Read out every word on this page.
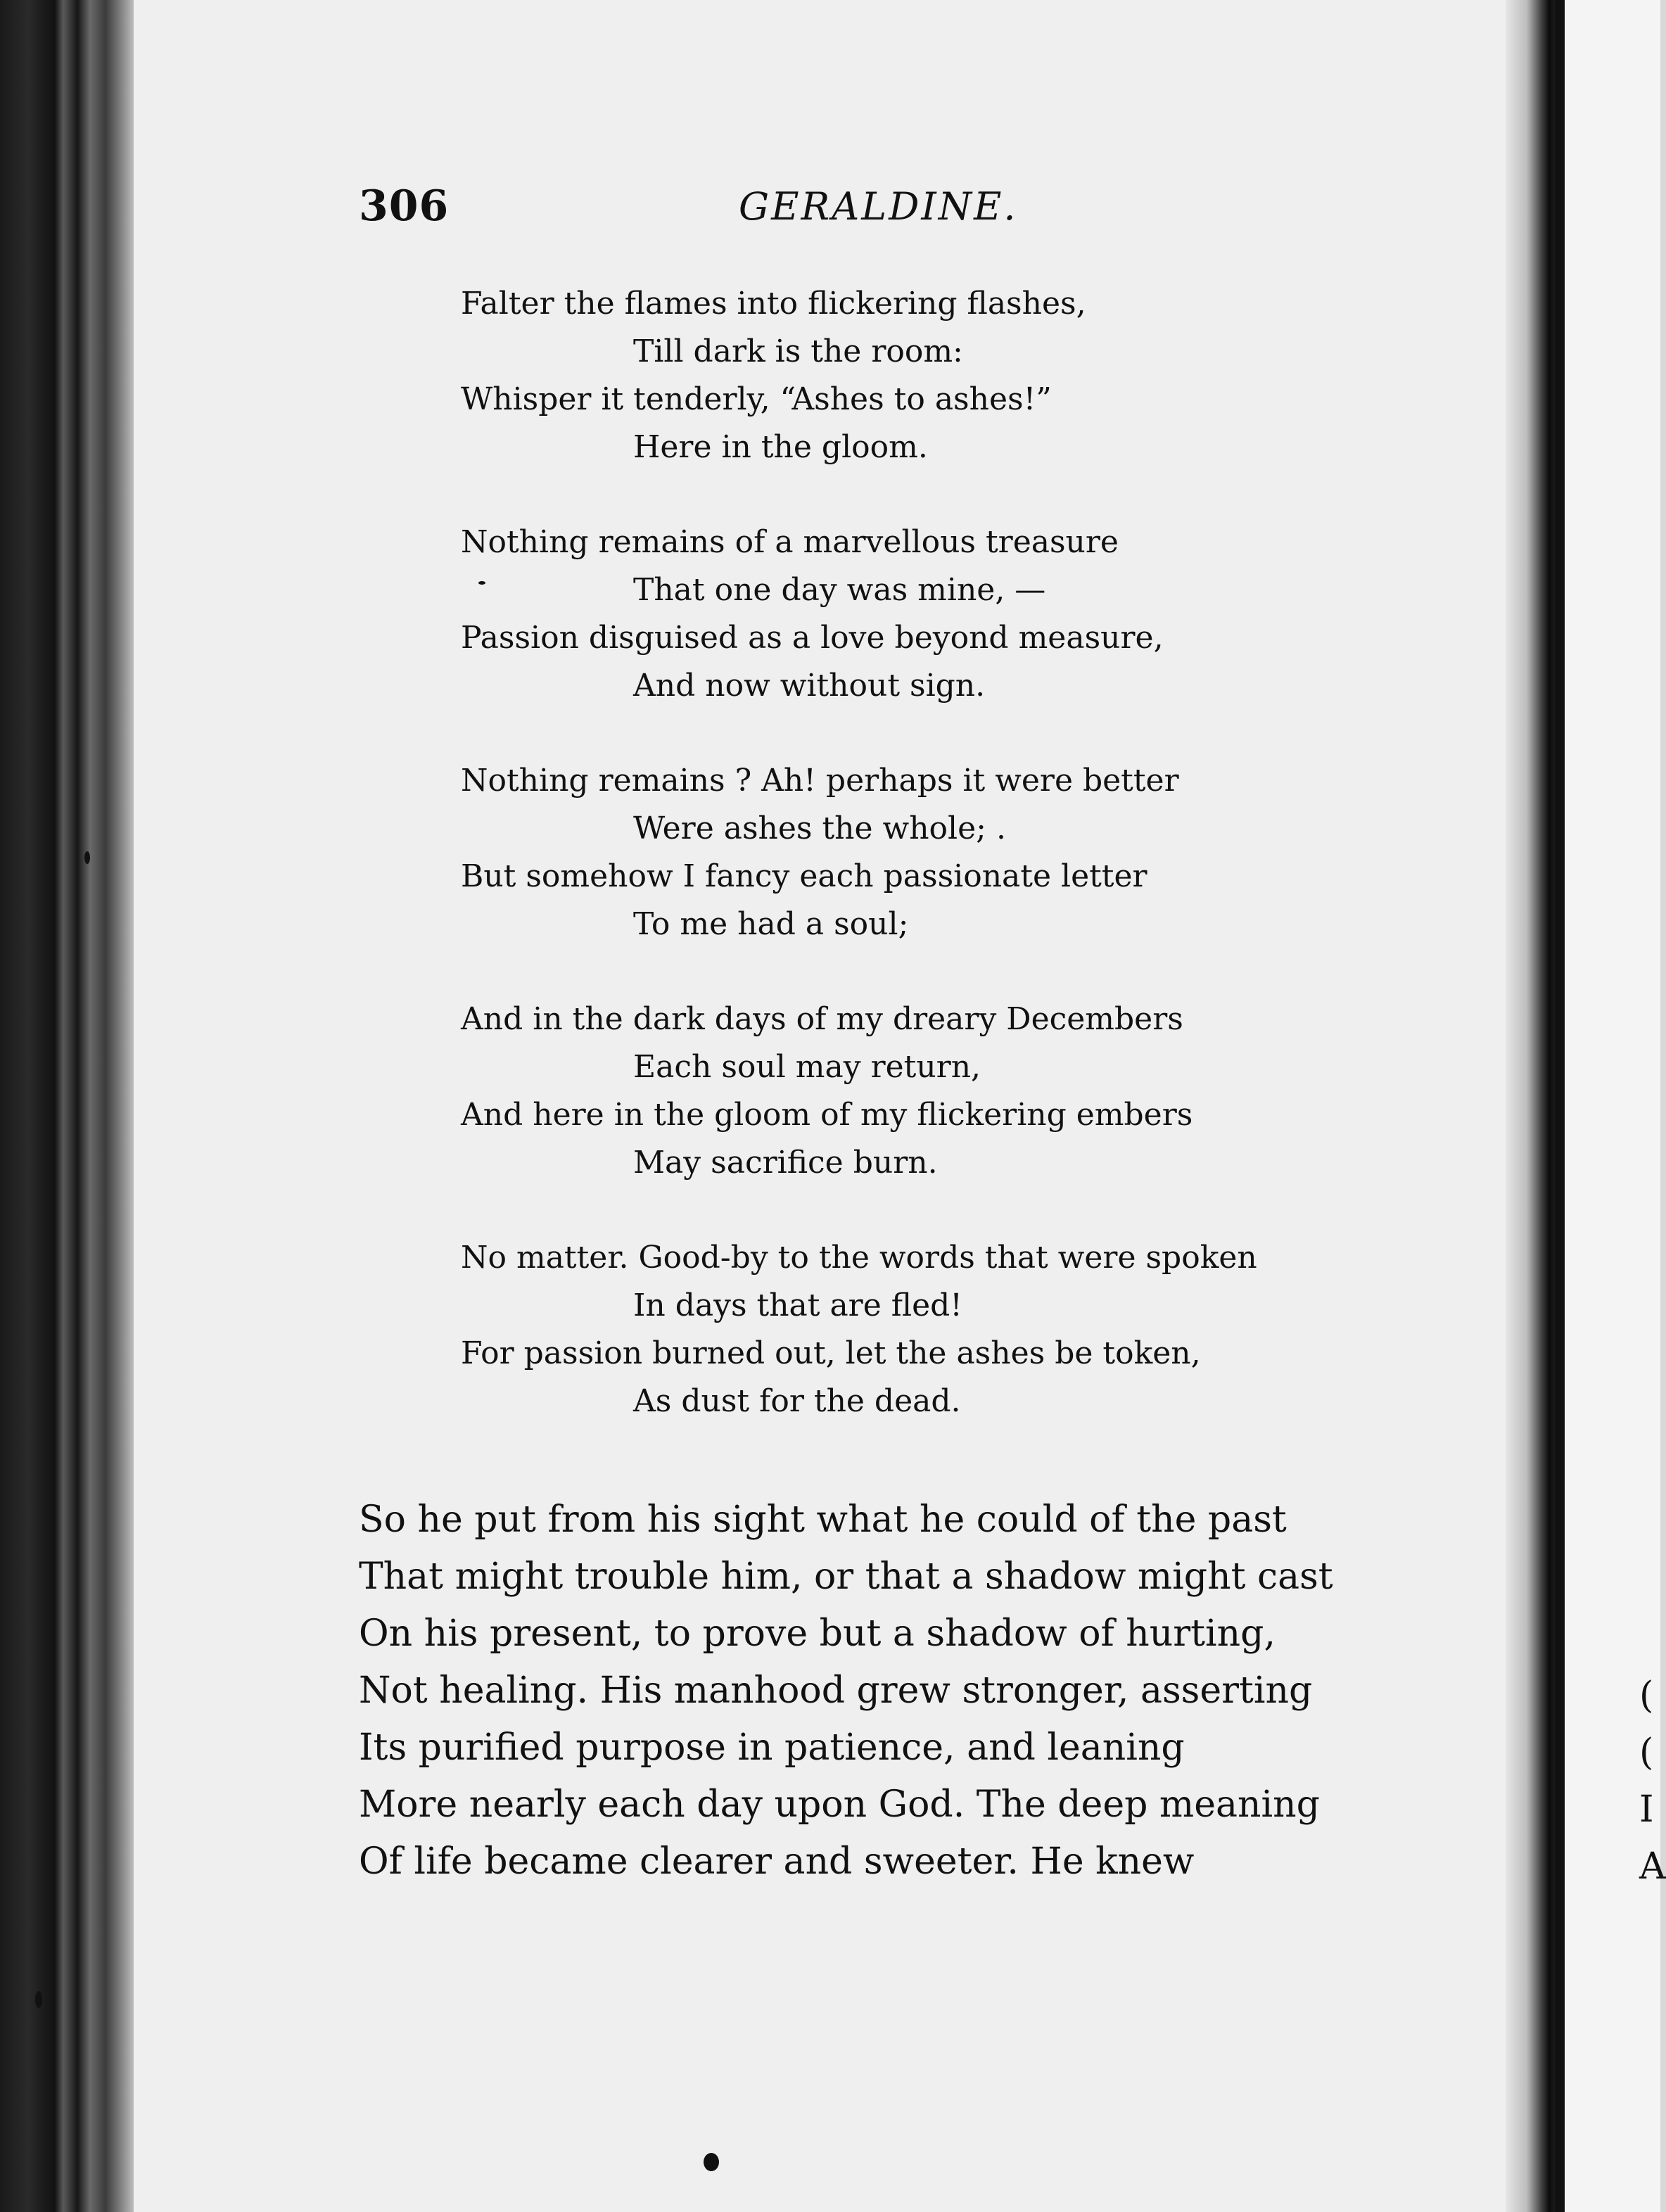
306	GERALDINE.

Falter the flames into flickering flashes,
Till dark is the room:
Whisper it tenderly, “Ashes to ashes!”
Here in the gloom.
Nothing remains of a marvellous treasure
That one day was mine, —
Passion disguised as a love beyond measure,
And now without sign.
Nothing remains ? Ah! perhaps it were better
Were ashes the whole; .
But somehow I fancy each passionate letter
To me had a soul;
And in the dark days of my dreary Decembers
Each soul may return,
And here in the gloom of my flickering embers
May sacrifice burn.
No matter. Good-by to the words that were spoken
In days that are fled!
For passion burned out, let the ashes be token,
As dust for the dead.
So he put from his sight what he could of the past
That might trouble him, or that a shadow might cast
On his present, to prove but a shadow of hurting,
Not healing. His manhood grew stronger, asserting
Its purified purpose in patience, and leaning
More nearly each day upon God. The deep meaning
Of life became clearer and sweeter. He knew
(
(
I
A
